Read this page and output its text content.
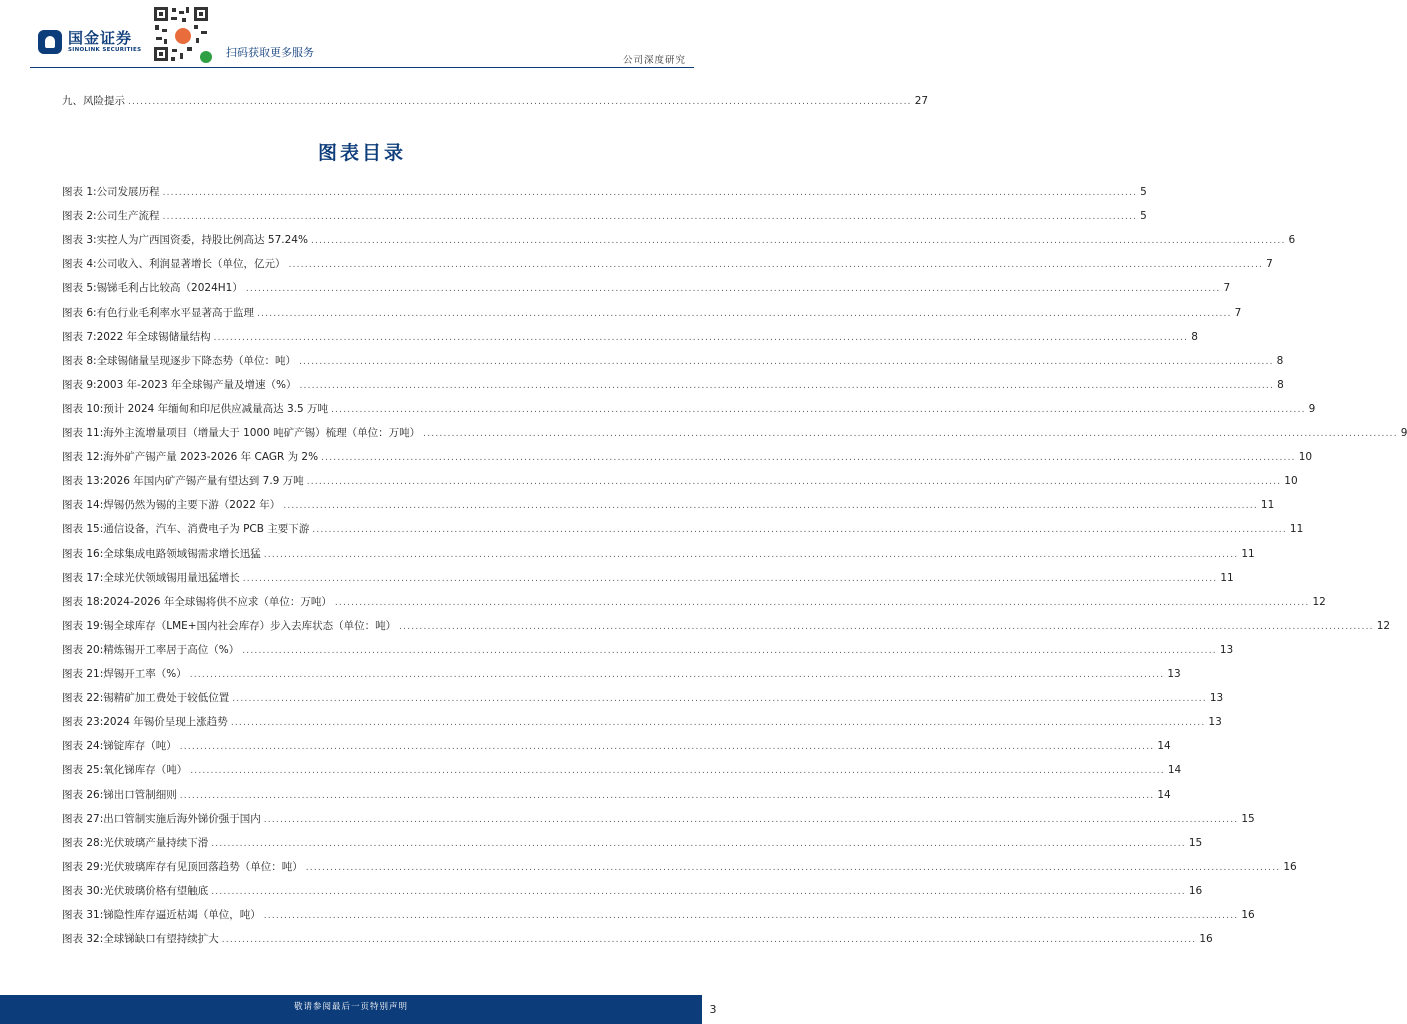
国金证券
SINOLINK SECURITIES	扫码获取更多服务
公司深度研究
九、风险提示 ................................................................................................................................................................................................. 27
图表目录
图表 1: 公司发展历程 ................................................................................................................................................................................................................................................ 5
图表 2: 公司生产流程 ................................................................................................................................................................................................................................................ 5
图表 3: 实控人为广西国资委，持股比例高达 57.24% ................................................................................................................................................................................................................................................ 6
图表 4: 公司收入、利润显著增长（单位，亿元） ................................................................................................................................................................................................................................................ 7
图表 5: 锡锑毛利占比较高（2024H1） ................................................................................................................................................................................................................................................ 7
图表 6: 有色行业毛利率水平显著高于监理 ................................................................................................................................................................................................................................................ 7
图表 7: 2022 年全球锡储量结构 ................................................................................................................................................................................................................................................ 8
图表 8: 全球锡储量呈现逐步下降态势（单位：吨） ................................................................................................................................................................................................................................................ 8
图表 9: 2003 年-2023 年全球锡产量及增速（%） ................................................................................................................................................................................................................................................ 8
图表 10: 预计 2024 年缅甸和印尼供应减量高达 3.5 万吨 ................................................................................................................................................................................................................................................ 9
图表 11: 海外主流增量项目（增量大于 1000 吨矿产锡）梳理（单位：万吨） ................................................................................................................................................................................................................................................ 9
图表 12: 海外矿产锡产量 2023-2026 年 CAGR 为 2% ................................................................................................................................................................................................................................................ 10
图表 13: 2026 年国内矿产锡产量有望达到 7.9 万吨 ................................................................................................................................................................................................................................................ 10
图表 14: 焊锡仍然为锡的主要下游（2022 年） ................................................................................................................................................................................................................................................ 11
图表 15: 通信设备，汽车、消费电子为 PCB 主要下游 ................................................................................................................................................................................................................................................ 11
图表 16: 全球集成电路领域锡需求增长迅猛 ................................................................................................................................................................................................................................................ 11
图表 17: 全球光伏领域锡用量迅猛增长 ................................................................................................................................................................................................................................................ 11
图表 18: 2024-2026 年全球锡将供不应求（单位：万吨） ................................................................................................................................................................................................................................................ 12
图表 19: 锡全球库存（LME+国内社会库存）步入去库状态（单位：吨） ................................................................................................................................................................................................................................................ 12
图表 20: 精炼锡开工率居于高位（%） ................................................................................................................................................................................................................................................ 13
图表 21: 焊锡开工率（%） ................................................................................................................................................................................................................................................ 13
图表 22: 锡精矿加工费处于较低位置 ................................................................................................................................................................................................................................................ 13
图表 23: 2024 年锡价呈现上涨趋势 ................................................................................................................................................................................................................................................ 13
图表 24: 锑锭库存（吨） ................................................................................................................................................................................................................................................ 14
图表 25: 氧化锑库存（吨） ................................................................................................................................................................................................................................................ 14
图表 26: 锑出口管制细则 ................................................................................................................................................................................................................................................ 14
图表 27: 出口管制实施后海外锑价强于国内 ................................................................................................................................................................................................................................................ 15
图表 28: 光伏玻璃产量持续下滑 ................................................................................................................................................................................................................................................ 15
图表 29: 光伏玻璃库存有见顶回落趋势（单位：吨） ................................................................................................................................................................................................................................................ 16
图表 30: 光伏玻璃价格有望触底 ................................................................................................................................................................................................................................................ 16
图表 31: 锑隐性库存逼近枯竭（单位，吨） ................................................................................................................................................................................................................................................ 16
图表 32: 全球锑缺口有望持续扩大 ................................................................................................................................................................................................................................................ 16
敬请参阅最后一页特别声明	3
